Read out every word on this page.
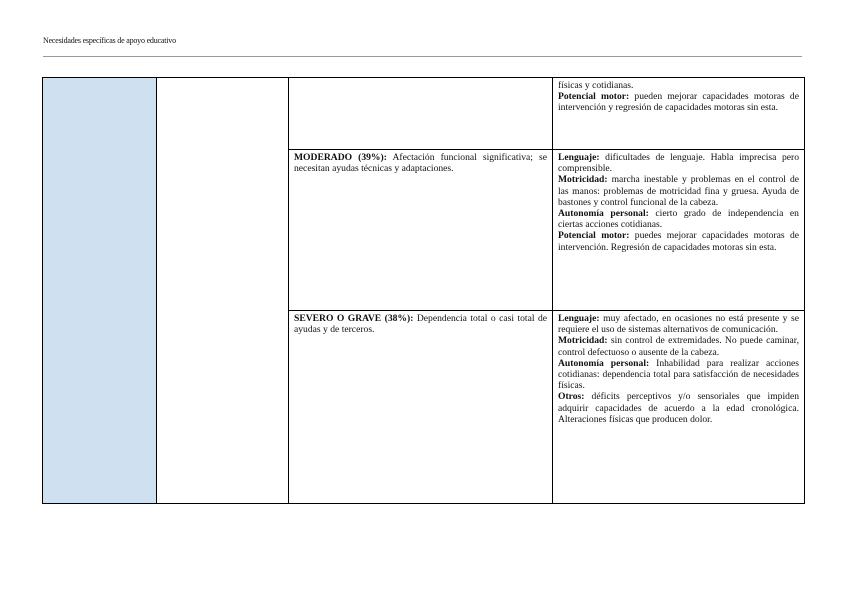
Necesidades específicas de apoyo educativo

			físicas y cotidianas.
Potencial motor: pueden mejorar capacidades motoras de intervención y regresión de capacidades motoras sin esta.

		MODERADO (39%): Afectación funcional significativa; se necesitan ayudas técnicas y adaptaciones.	Lenguaje: dificultades de lenguaje. Habla imprecisa pero comprensible.
Motricidad: marcha inestable y problemas en el control de las manos: problemas de motricidad fina y gruesa. Ayuda de bastones y control funcional de la cabeza.
Autonomía personal: cierto grado de independencia en ciertas acciones cotidianas.
Potencial motor: puedes mejorar capacidades motoras de intervención. Regresión de capacidades motoras sin esta.

		SEVERO O GRAVE (38%): Dependencia total o casi total de ayudas y de terceros.	Lenguaje: muy afectado, en ocasiones no está presente y se requiere el uso de sistemas alternativos de comunicación.
Motricidad: sin control de extremidades. No puede caminar, control defectuoso o ausente de la cabeza.
Autonomía personal: Inhabilidad para realizar acciones cotidianas: dependencia total para satisfacción de necesidades físicas.
Otros: déficits perceptivos y/o sensoriales que impiden adquirir capacidades de acuerdo a la edad cronológica. Alteraciones físicas que producen dolor.
